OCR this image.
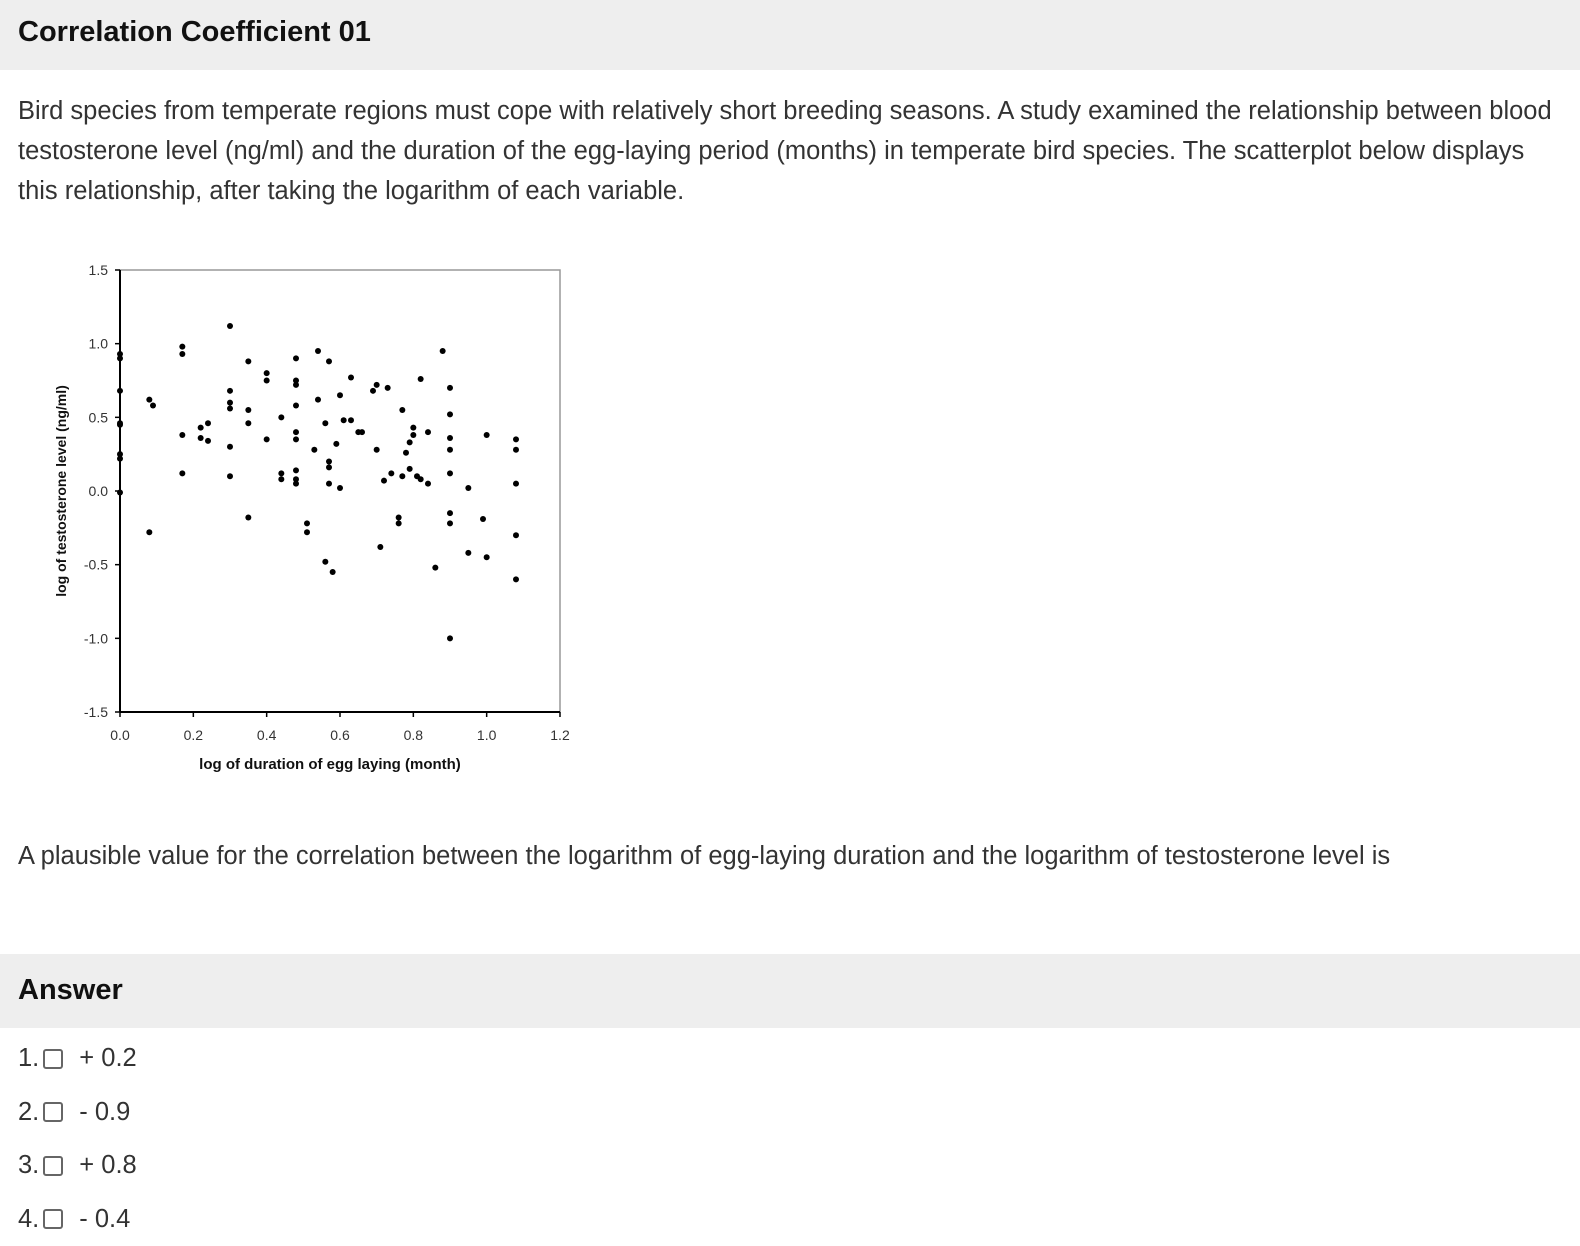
Correlation Coefficient 01

Bird species from temperate regions must cope with relatively short breeding seasons. A study examined the relationship between blood testosterone level (ng/ml) and the duration of the egg-laying period (months) in temperate bird species. The scatterplot below displays this relationship, after taking the logarithm of each variable.

1.5
1.0
0.5
0.0
-0.5
-1.0
-1.5
0.0	0.2	0.4	0.6	0.8	1.0	1.2
log of duration of egg laying (month)
log of testosterone level (ng/ml)

A plausible value for the correlation between the logarithm of egg-laying duration and the logarithm of testosterone level is

Answer
1. + 0.2
2. - 0.9
3. + 0.8
4. - 0.4
